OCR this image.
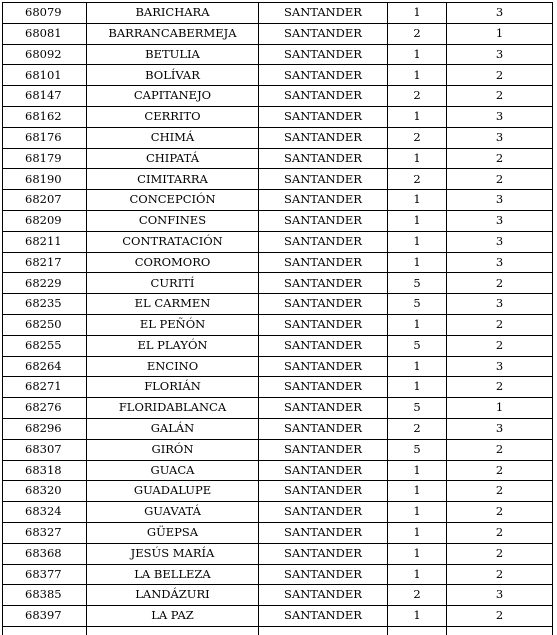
68079	BARICHARA	SANTANDER	1	3
68081	BARRANCABERMEJA	SANTANDER	2	1
68092	BETULIA	SANTANDER	1	3
68101	BOLÍVAR	SANTANDER	1	2
68147	CAPITANEJO	SANTANDER	2	2
68162	CERRITO	SANTANDER	1	3
68176	CHIMÁ	SANTANDER	2	3
68179	CHIPATÁ	SANTANDER	1	2
68190	CIMITARRA	SANTANDER	2	2
68207	CONCEPCIÓN	SANTANDER	1	3
68209	CONFINES	SANTANDER	1	3
68211	CONTRATACIÓN	SANTANDER	1	3
68217	COROMORO	SANTANDER	1	3
68229	CURITÍ	SANTANDER	5	2
68235	EL CARMEN	SANTANDER	5	3
68250	EL PEÑÓN	SANTANDER	1	2
68255	EL PLAYÓN	SANTANDER	5	2
68264	ENCINO	SANTANDER	1	3
68271	FLORIÁN	SANTANDER	1	2
68276	FLORIDABLANCA	SANTANDER	5	1
68296	GALÁN	SANTANDER	2	3
68307	GIRÓN	SANTANDER	5	2
68318	GUACA	SANTANDER	1	2
68320	GUADALUPE	SANTANDER	1	2
68324	GUAVATÁ	SANTANDER	1	2
68327	GÜEPSA	SANTANDER	1	2
68368	JESÚS MARÍA	SANTANDER	1	2
68377	LA BELLEZA	SANTANDER	1	2
68385	LANDÁZURI	SANTANDER	2	3
68397	LA PAZ	SANTANDER	1	2
